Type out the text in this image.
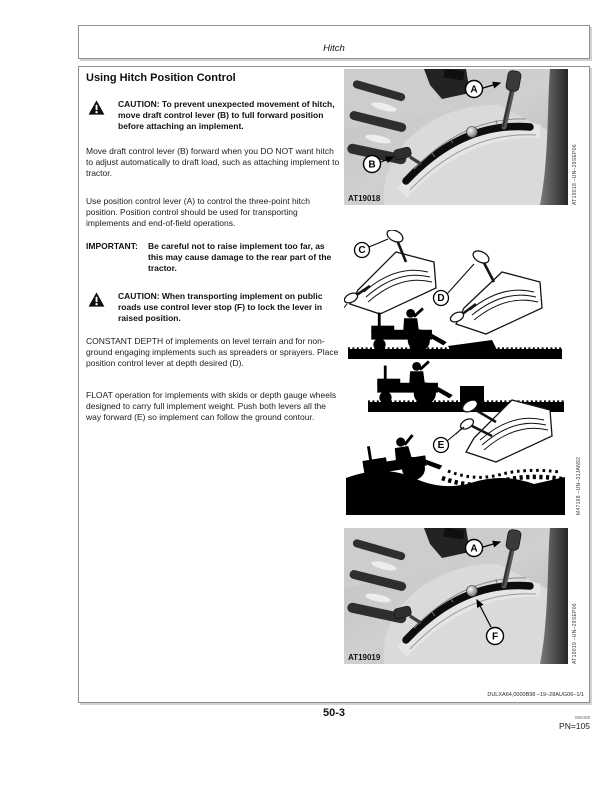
Hitch
Using Hitch Position Control
CAUTION: To prevent unexpected movement of hitch, move draft control lever (B) to full forward position before attaching an implement.
Move draft control lever (B) forward when you DO NOT want hitch to adjust automatically to draft load, such as attaching implement to tractor.
Use position control lever (A) to control the three-point hitch position. Position control should be used for transporting implements and end-of-field operations.
IMPORTANT:	Be careful not to raise implement too far, as this may cause damage to the rear part of the tractor.
CAUTION: When transporting implement on public roads use control lever stop (F) to lock the lever in raised position.
CONSTANT DEPTH of implements on level terrain and for non-ground engaging implements such as spreaders or sprayers. Place position control lever at depth desired (D).
FLOAT operation for implements with skids or depth gauge wheels designed to carry full implement weight. Push both levers all the way forward (E) so implement can follow the ground contour.
A
B
AT19018	AT19018 –UN–29SEP06
C
D
E
M47168 –UN–31JAN92
A
F
AT19019	AT19019 –UN–29SEP06
DULXA64,0000B98 –19–28AUG06–1/1
50-3	060408
PN=105
